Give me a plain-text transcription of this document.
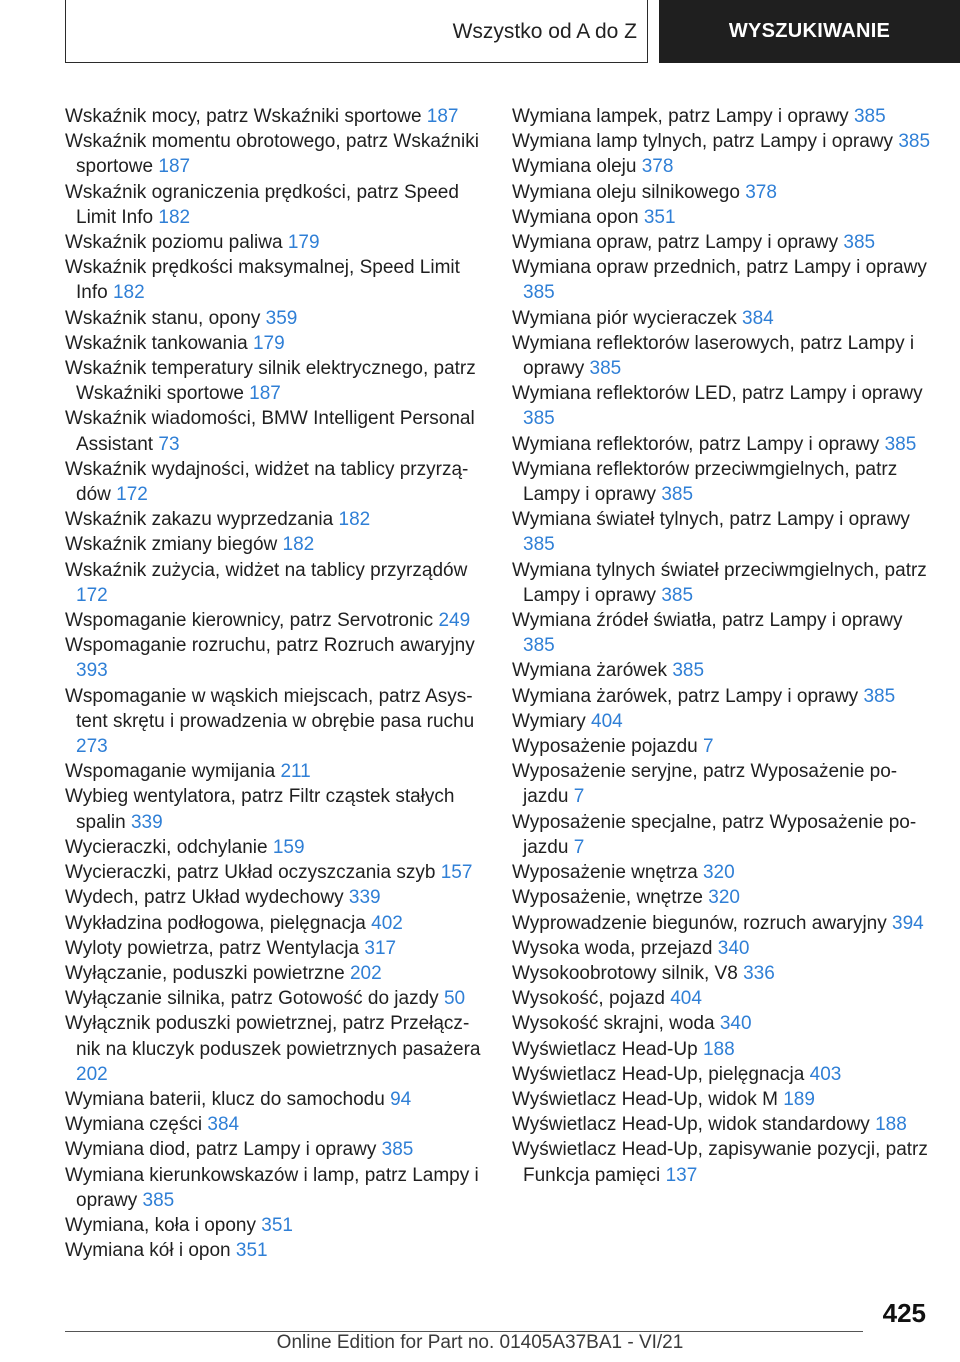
Wszystko od A do Z	WYSZUKIWANIE
Wskaźnik mocy, patrz Wskaźniki sportowe 187
Wskaźnik momentu obrotowego, patrz Wskaźniki sportowe 187
Wskaźnik ograniczenia prędkości, patrz Speed Limit Info 182
Wskaźnik poziomu paliwa 179
Wskaźnik prędkości maksymalnej, Speed Limit Info 182
Wskaźnik stanu, opony 359
Wskaźnik tankowania 179
Wskaźnik temperatury silnik elektrycznego, patrz Wskaźniki sportowe 187
Wskaźnik wiadomości, BMW Intelligent Personal Assistant 73
Wskaźnik wydajności, widżet na tablicy przyrządów 172
Wskaźnik zakazu wyprzedzania 182
Wskaźnik zmiany biegów 182
Wskaźnik zużycia, widżet na tablicy przyrządów 172
Wspomaganie kierownicy, patrz Servotronic 249
Wspomaganie rozruchu, patrz Rozruch awaryjny 393
Wspomaganie w wąskich miejscach, patrz Asystent skrętu i prowadzenia w obrębie pasa ruchu 273
Wspomaganie wymijania 211
Wybieg wentylatora, patrz Filtr cząstek stałych spalin 339
Wycieraczki, odchylanie 159
Wycieraczki, patrz Układ oczyszczania szyb 157
Wydech, patrz Układ wydechowy 339
Wykładzina podłogowa, pielęgnacja 402
Wyloty powietrza, patrz Wentylacja 317
Wyłączanie, poduszki powietrzne 202
Wyłączanie silnika, patrz Gotowość do jazdy 50
Wyłącznik poduszki powietrznej, patrz Przełącznik na kluczyk poduszek powietrznych pasażera 202
Wymiana baterii, klucz do samochodu 94
Wymiana części 384
Wymiana diod, patrz Lampy i oprawy 385
Wymiana kierunkowskazów i lamp, patrz Lampy i oprawy 385
Wymiana, koła i opony 351
Wymiana kół i opon 351
Wymiana lampek, patrz Lampy i oprawy 385
Wymiana lamp tylnych, patrz Lampy i oprawy 385
Wymiana oleju 378
Wymiana oleju silnikowego 378
Wymiana opon 351
Wymiana opraw, patrz Lampy i oprawy 385
Wymiana opraw przednich, patrz Lampy i oprawy 385
Wymiana piór wycieraczek 384
Wymiana reflektorów laserowych, patrz Lampy i oprawy 385
Wymiana reflektorów LED, patrz Lampy i oprawy 385
Wymiana reflektorów, patrz Lampy i oprawy 385
Wymiana reflektorów przeciwmgielnych, patrz Lampy i oprawy 385
Wymiana świateł tylnych, patrz Lampy i oprawy 385
Wymiana tylnych świateł przeciwmgielnych, patrz Lampy i oprawy 385
Wymiana źródeł światła, patrz Lampy i oprawy 385
Wymiana żarówek 385
Wymiana żarówek, patrz Lampy i oprawy 385
Wymiary 404
Wyposażenie pojazdu 7
Wyposażenie seryjne, patrz Wyposażenie pojazdu 7
Wyposażenie specjalne, patrz Wyposażenie pojazdu 7
Wyposażenie wnętrza 320
Wyposażenie, wnętrze 320
Wyprowadzenie biegunów, rozruch awaryjny 394
Wysoka woda, przejazd 340
Wysokoobrotowy silnik, V8 336
Wysokość, pojazd 404
Wysokość skrajni, woda 340
Wyświetlacz Head-Up 188
Wyświetlacz Head-Up, pielęgnacja 403
Wyświetlacz Head-Up, widok M 189
Wyświetlacz Head-Up, widok standardowy 188
Wyświetlacz Head-Up, zapisywanie pozycji, patrz Funkcja pamięci 137
425
Online Edition for Part no. 01405A37BA1 - VI/21
